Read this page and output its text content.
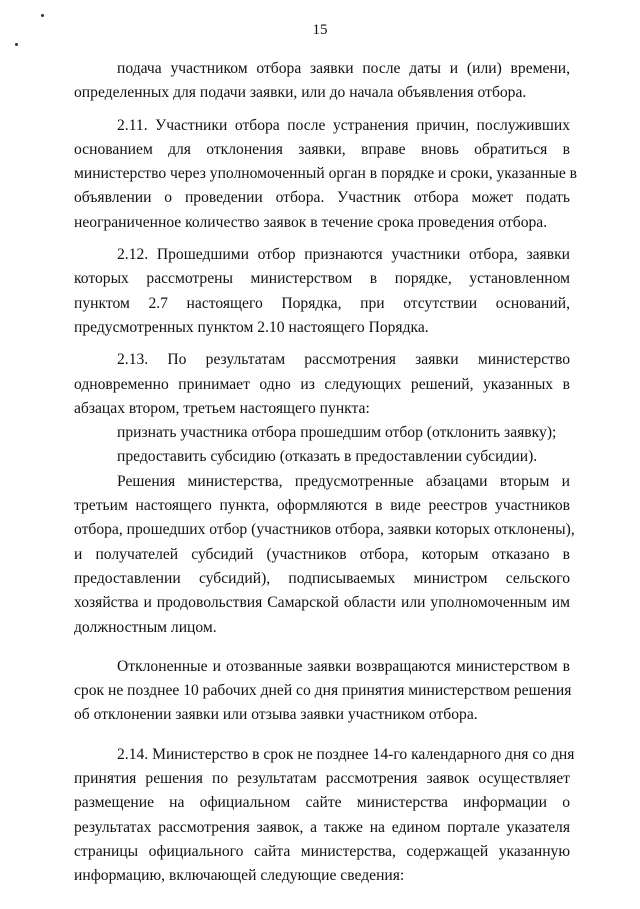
15
подача участником отбора заявки после даты и (или) времени,
определенных для подачи заявки, или до начала объявления отбора.
2.11. Участники отбора после устранения причин, послуживших
основанием для отклонения заявки, вправе вновь обратиться в
министерство через уполномоченный орган в порядке и сроки, указанные в
объявлении о проведении отбора. Участник отбора может подать
неограниченное количество заявок в течение срока проведения отбора.
2.12. Прошедшими отбор признаются участники отбора, заявки
которых рассмотрены министерством в порядке, установленном
пунктом 2.7 настоящего Порядка, при отсутствии оснований,
предусмотренных пунктом 2.10 настоящего Порядка.
2.13. По результатам рассмотрения заявки министерство
одновременно принимает одно из следующих решений, указанных в
абзацах втором, третьем настоящего пункта:
признать участника отбора прошедшим отбор (отклонить заявку);
предоставить субсидию (отказать в предоставлении субсидии).
Решения министерства, предусмотренные абзацами вторым и
третьим настоящего пункта, оформляются в виде реестров участников
отбора, прошедших отбор (участников отбора, заявки которых отклонены),
и получателей субсидий (участников отбора, которым отказано в
предоставлении субсидий), подписываемых министром сельского
хозяйства и продовольствия Самарской области или уполномоченным им
должностным лицом.
Отклоненные и отозванные заявки возвращаются министерством в
срок не позднее 10 рабочих дней со дня принятия министерством решения
об отклонении заявки или отзыва заявки участником отбора.
2.14. Министерство в срок не позднее 14-го календарного дня со дня
принятия решения по результатам рассмотрения заявок осуществляет
размещение на официальном сайте министерства информации о
результатах рассмотрения заявок, а также на едином портале указателя
страницы официального сайта министерства, содержащей указанную
информацию, включающей следующие сведения:
